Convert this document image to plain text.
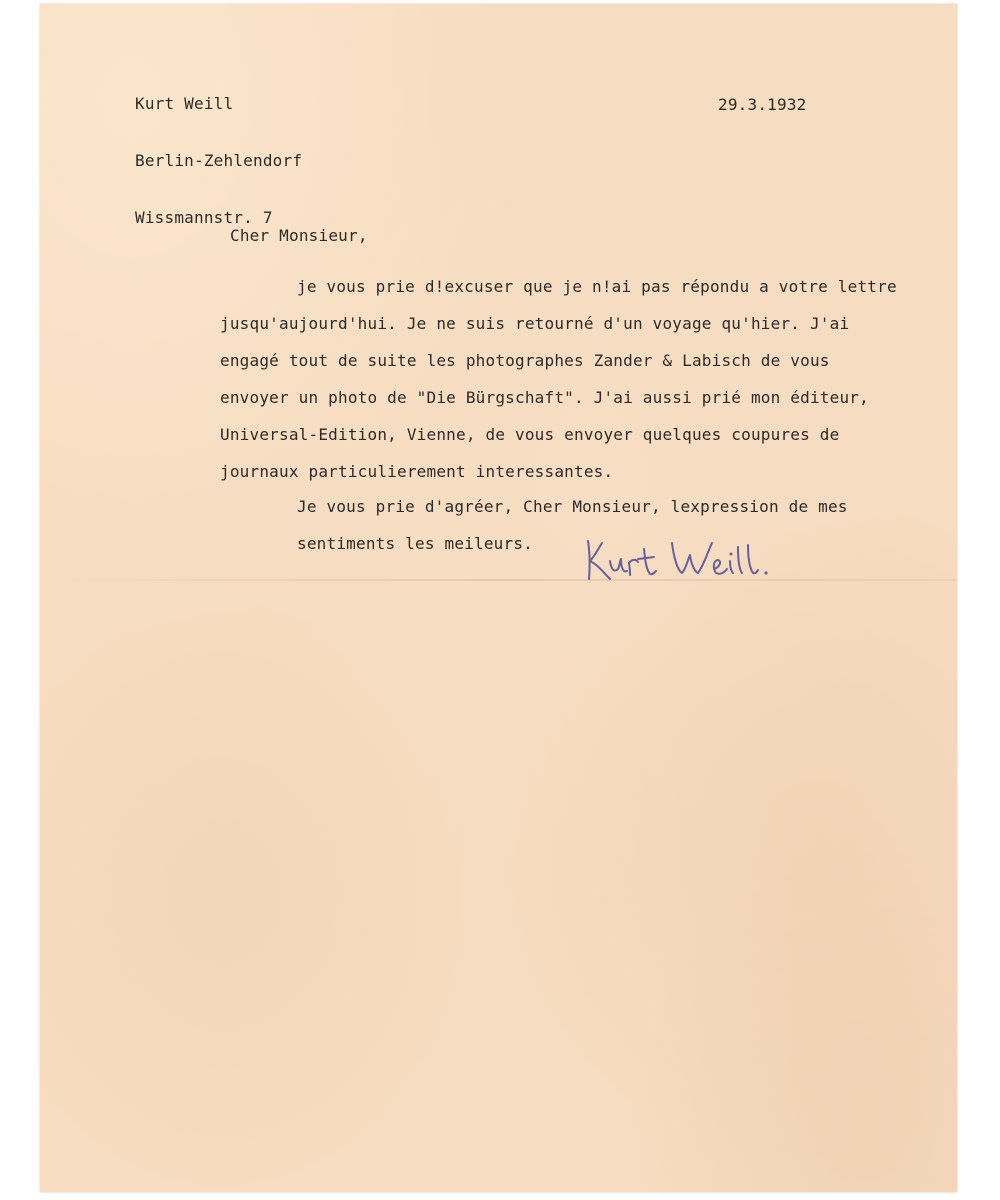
Kurt Weill

Berlin-Zehlendorf

Wissmannstr. 7

29.3.1932
Cher Monsieur,
je vous prie d!excuser que je n!ai pas répondu a votre lettre
jusqu'aujourd'hui. Je ne suis retourné d'un voyage qu'hier. J'ai
engagé tout de suite les photographes Zander & Labisch de vous
envoyer un photo de "Die Bürgschaft". J'ai aussi prié mon éditeur,
Universal-Edition, Vienne, de vous envoyer quelques coupures de
journaux particulierement interessantes.
Je vous prie d'agréer, Cher Monsieur, lexpression de mes
sentiments les meileurs.
